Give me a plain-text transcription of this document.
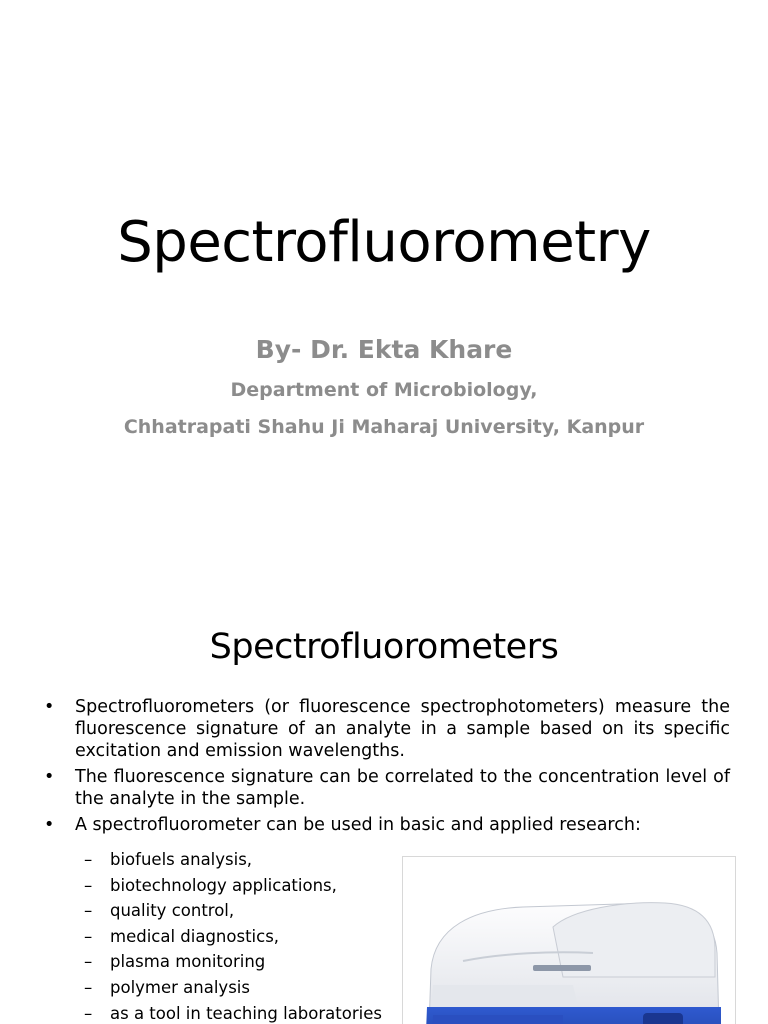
Spectrofluorometry
By- Dr. Ekta Khare
Department of Microbiology,
Chhatrapati Shahu Ji Maharaj University, Kanpur
Spectrofluorometers
• Spectrofluorometers (or fluorescence spectrophotometers) measure the fluorescence signature of an analyte in a sample based on its specific excitation and emission wavelengths.
• The fluorescence signature can be correlated to the concentration level of the analyte in the sample.
• A spectrofluorometer can be used in basic and applied research:
– biofuels analysis,
– biotechnology applications,
– quality control,
– medical diagnostics,
– plasma monitoring
– polymer analysis
– as a tool in teaching laboratories
